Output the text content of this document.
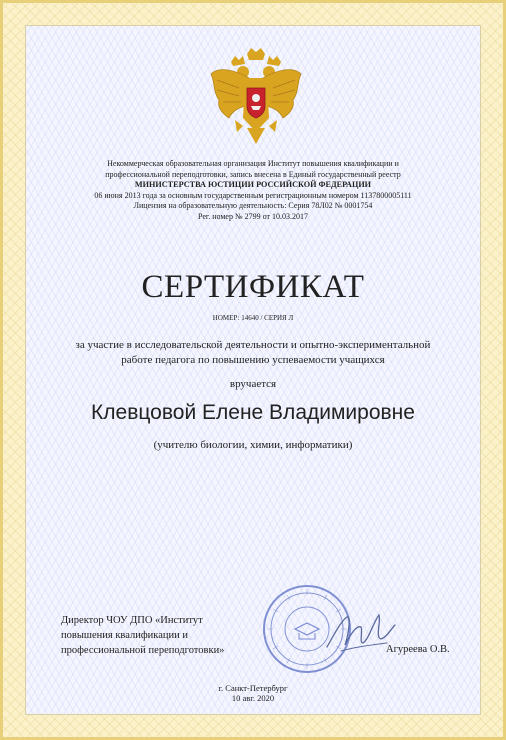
Некоммерческая образовательная организация Институт повышения квалификации и
профессиональной переподготовки, запись внесена в Единый государственный реестр
МИНИСТЕРСТВА ЮСТИЦИИ РОССИЙСКОЙ ФЕДЕРАЦИИ
06 июня 2013 года за основным государственным регистрационным номером 1137800005111
Лицензия на образовательную деятельность: Серия 78Л02 № 0001754
Рег. номер № 2799 от 10.03.2017
СЕРТИФИКАТ
НОМЕР: 14640 / СЕРИЯ Л
за участие в исследовательской деятельности и опытно-экспериментальной
работе педагога по повышению успеваемости учащихся
вручается
Клевцовой Елене Владимировне
(учителю биологии, химии, информатики)
Директор ЧОУ ДПО «Институт
повышения квалификации и
профессиональной переподготовки»	Агуреева О.В.
г. Санкт-Петербург
10 авг. 2020
